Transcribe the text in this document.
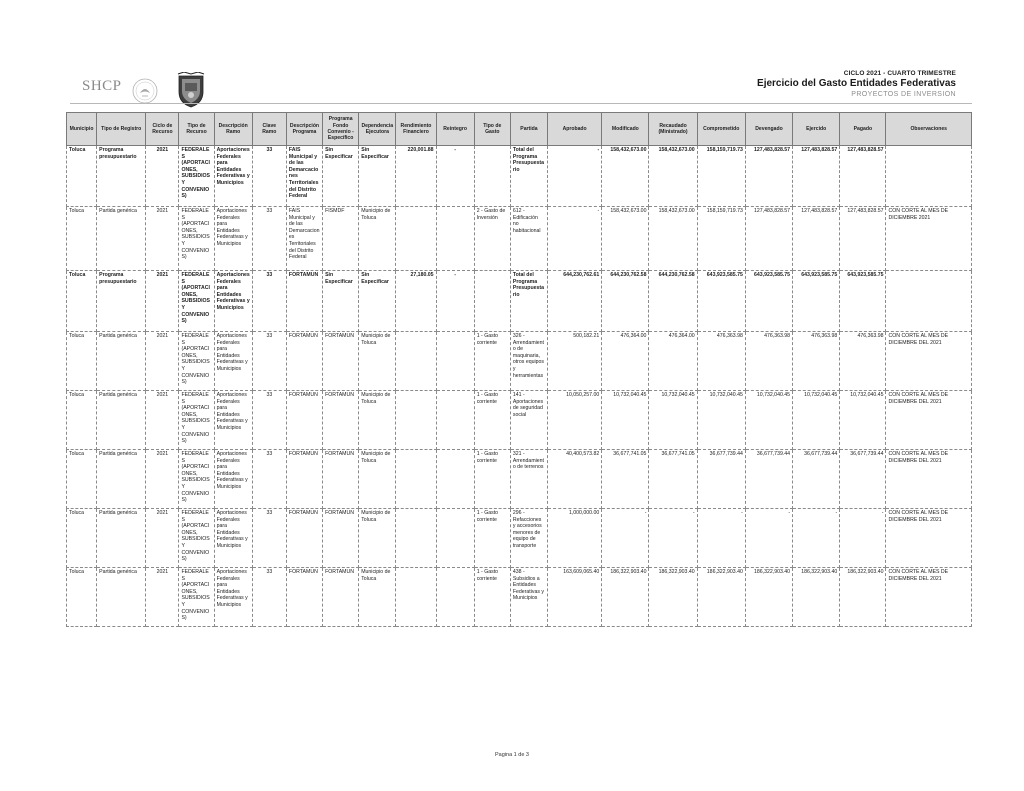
SHCP
CICLO 2021 - CUARTO TRIMESTRE
Ejercicio del Gasto Entidades Federativas
PROYECTOS DE INVERSION
Municipio	Tipo de Registro	Ciclo de Recurso	Tipo de Recurso	Descripción Ramo	Clave Ramo	Descripción Programa	Programa Fondo Convenio - Específico	Dependencia Ejecutora	Rendimiento Financiero	Reintegro	Tipo de Gasto	Partida	Aprobado	Modificado	Recaudado (Ministrado)	Comprometido	Devengado	Ejercido	Pagado	Observaciones
Toluca	Programa presupuestario	2021	FEDERALES (APORTACIONES, SUBSIDIOS Y CONVENIOS)	Aportaciones Federales para Entidades Federativas y Municipios	33	FAIS Municipal y de las Demarcaciones Territoriales del Distrito Federal	Sin Especificar	Sin Especificar	220,001.88	-		Total del Programa Presupuestario	-	158,432,673.00	158,432,673.00	158,159,719.73	127,483,828.57	127,483,828.57	127,483,828.57	
Toluca	Partida genérica	2021	FEDERALES (APORTACIONES, SUBSIDIOS Y CONVENIOS)	Aportaciones Federales para Entidades Federativas y Municipios	33	FAIS Municipal y de las Demarcaciones Territoriales del Distrito Federal	FISMDF	Municipio de Toluca			2 - Gasto de Inversión	612 - Edificación no habitacional	-	158,432,673.00	158,432,673.00	158,159,719.73	127,483,828.57	127,483,828.57	127,483,828.57	CON CORTE AL MES DE DICIEMBRE 2021
Toluca	Programa presupuestario	2021	FEDERALES (APORTACIONES, SUBSIDIOS Y CONVENIOS)	Aportaciones Federales para Entidades Federativas y Municipios	33	FORTAMUN	Sin Especificar	Sin Especificar	27,180.05	-		Total del Programa Presupuestario	644,230,762.61	644,230,762.58	644,230,762.58	643,923,585.75	643,923,585.75	643,923,585.75	643,923,585.75	
Toluca	Partida genérica	2021	FEDERALES (APORTACIONES, SUBSIDIOS Y CONVENIOS)	Aportaciones Federales para Entidades Federativas y Municipios	33	FORTAMUN	FORTAMUN	Municipio de Toluca			1 - Gasto corriente	326 - Arrendamiento de maquinaria, otros equipos y herramientas	500,182.21	476,364.00	476,364.00	476,363.98	476,363.98	476,363.98	476,363.98	CON CORTE AL MES DE DICIEMBRE DEL 2021
Toluca	Partida genérica	2021	FEDERALES (APORTACIONES, SUBSIDIOS Y CONVENIOS)	Aportaciones Federales para Entidades Federativas y Municipios	33	FORTAMUN	FORTAMUN	Municipio de Toluca			1 - Gasto corriente	141 - Aportaciones de seguridad social	10,050,257.00	10,732,040.45	10,732,040.45	10,732,040.45	10,732,040.45	10,732,040.45	10,732,040.45	CON CORTE AL MES DE DICIEMBRE DEL 2021
Toluca	Partida genérica	2021	FEDERALES (APORTACIONES, SUBSIDIOS Y CONVENIOS)	Aportaciones Federales para Entidades Federativas y Municipios	33	FORTAMUN	FORTAMUN	Municipio de Toluca			1 - Gasto corriente	321 - Arrendamiento de terrenos	40,400,573.82	36,677,741.05	36,677,741.05	36,677,739.44	36,677,739.44	36,677,739.44	36,677,739.44	CON CORTE AL MES DE DICIEMBRE DEL 2021
Toluca	Partida genérica	2021	FEDERALES (APORTACIONES, SUBSIDIOS Y CONVENIOS)	Aportaciones Federales para Entidades Federativas y Municipios	33	FORTAMUN	FORTAMUN	Municipio de Toluca			1 - Gasto corriente	296 - Refacciones y accesorios menores de equipo de transporte	1,000,000.00	-	-	-	-	-	-	CON CORTE AL MES DE DICIEMBRE DEL 2021
Toluca	Partida genérica	2021	FEDERALES (APORTACIONES, SUBSIDIOS Y CONVENIOS)	Aportaciones Federales para Entidades Federativas y Municipios	33	FORTAMUN	FORTAMUN	Municipio de Toluca			1 - Gasto corriente	438 - Subsidios a Entidades Federativas y Municipios	163,609,065.40	186,322,903.40	186,322,903.40	186,322,903.40	186,322,903.40	186,322,903.40	186,322,903.40	CON CORTE AL MES DE DICIEMBRE DEL 2021
Pagina 1 de 3
